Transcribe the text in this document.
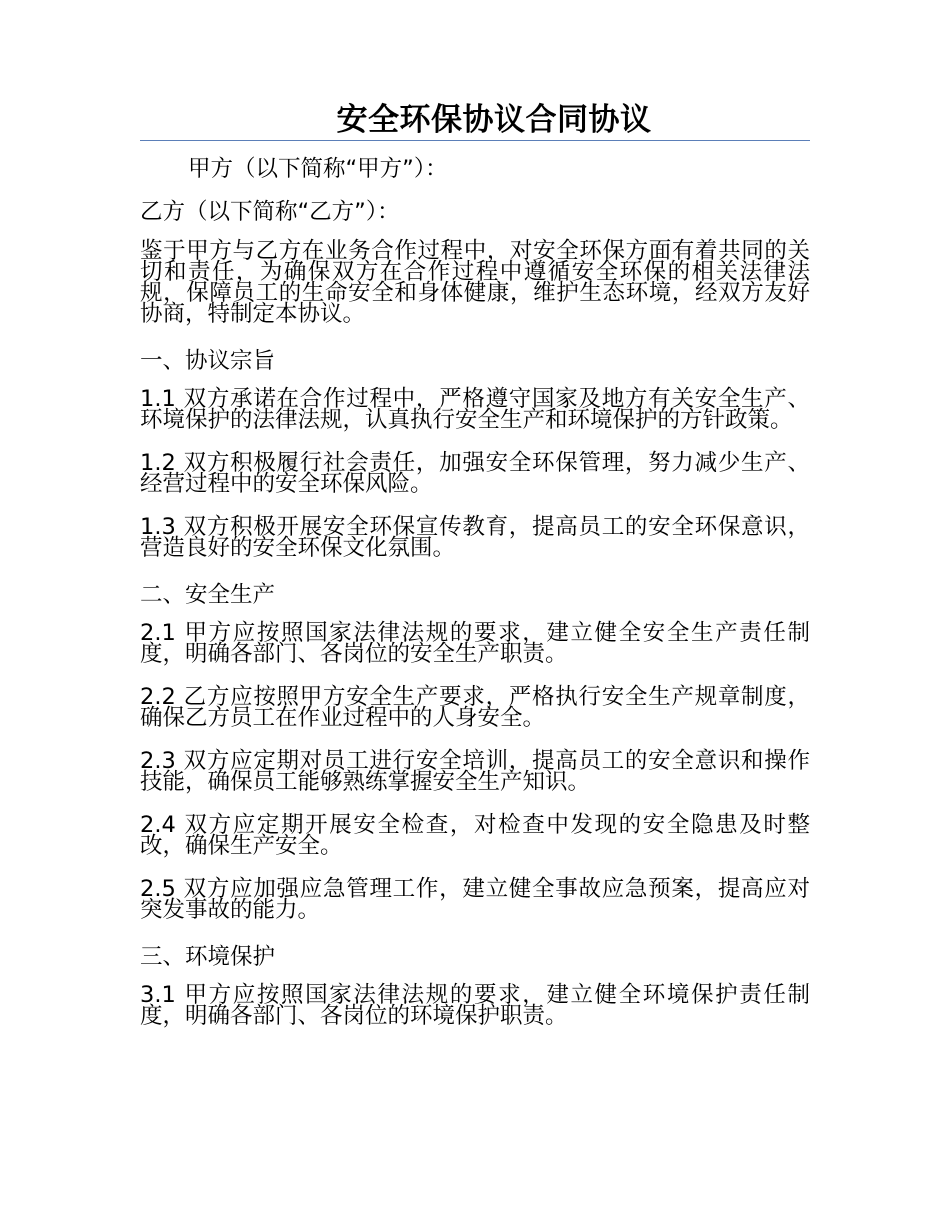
安全环保协议合同协议

甲方（以下简称“甲方”）：

乙方（以下简称“乙方”）：

鉴于甲方与乙方在业务合作过程中，对安全环保方面有着共同的关切和责任，为确保双方在合作过程中遵循安全环保的相关法律法规，保障员工的生命安全和身体健康，维护生态环境，经双方友好协商，特制定本协议。

一、协议宗旨

1.1 双方承诺在合作过程中，严格遵守国家及地方有关安全生产、环境保护的法律法规，认真执行安全生产和环境保护的方针政策。

1.2 双方积极履行社会责任，加强安全环保管理，努力减少生产、经营过程中的安全环保风险。

1.3 双方积极开展安全环保宣传教育，提高员工的安全环保意识，营造良好的安全环保文化氛围。

二、安全生产

2.1 甲方应按照国家法律法规的要求，建立健全安全生产责任制度，明确各部门、各岗位的安全生产职责。

2.2 乙方应按照甲方安全生产要求，严格执行安全生产规章制度，确保乙方员工在作业过程中的人身安全。

2.3 双方应定期对员工进行安全培训，提高员工的安全意识和操作技能，确保员工能够熟练掌握安全生产知识。

2.4 双方应定期开展安全检查，对检查中发现的安全隐患及时整改，确保生产安全。

2.5 双方应加强应急管理工作，建立健全事故应急预案，提高应对突发事故的能力。

三、环境保护

3.1 甲方应按照国家法律法规的要求，建立健全环境保护责任制度，明确各部门、各岗位的环境保护职责。
